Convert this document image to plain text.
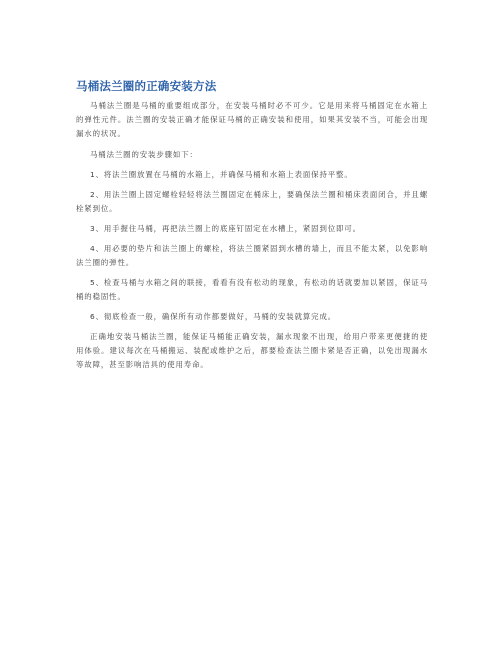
马桶法兰圈的正确安装方法

马桶法兰圈是马桶的重要组成部分，在安装马桶时必不可少。它是用来将马桶固定在水箱上的弹性元件。法兰圈的安装正确才能保证马桶的正确安装和使用，如果其安装不当，可能会出现漏水的状况。

马桶法兰圈的安装步骤如下：

1、将法兰圈放置在马桶的水箱上，并确保马桶和水箱上表面保持平整。

2、用法兰圈上固定螺栓轻轻将法兰圈固定在桶床上，要确保法兰圈和桶床表面闭合，并且螺栓紧到位。

3、用手握住马桶，再把法兰圈上的底座钉固定在水槽上，紧固到位即可。

4、用必要的垫片和法兰圈上的螺栓，将法兰圈紧固到水槽的墙上，而且不能太紧，以免影响法兰圈的弹性。

5、检查马桶与水箱之间的联接，看看有没有松动的现象，有松动的话就要加以紧固，保证马桶的稳固性。

6、彻底检查一般，确保所有动作都要做好，马桶的安装就算完成。

正确地安装马桶法兰圈，能保证马桶能正确安装，漏水现象不出现，给用户带来更便捷的使用体验。建议每次在马桶搬运、装配或维护之后，都要检查法兰圈卡紧是否正确，以免出现漏水等故障，甚至影响洁具的使用寿命。
